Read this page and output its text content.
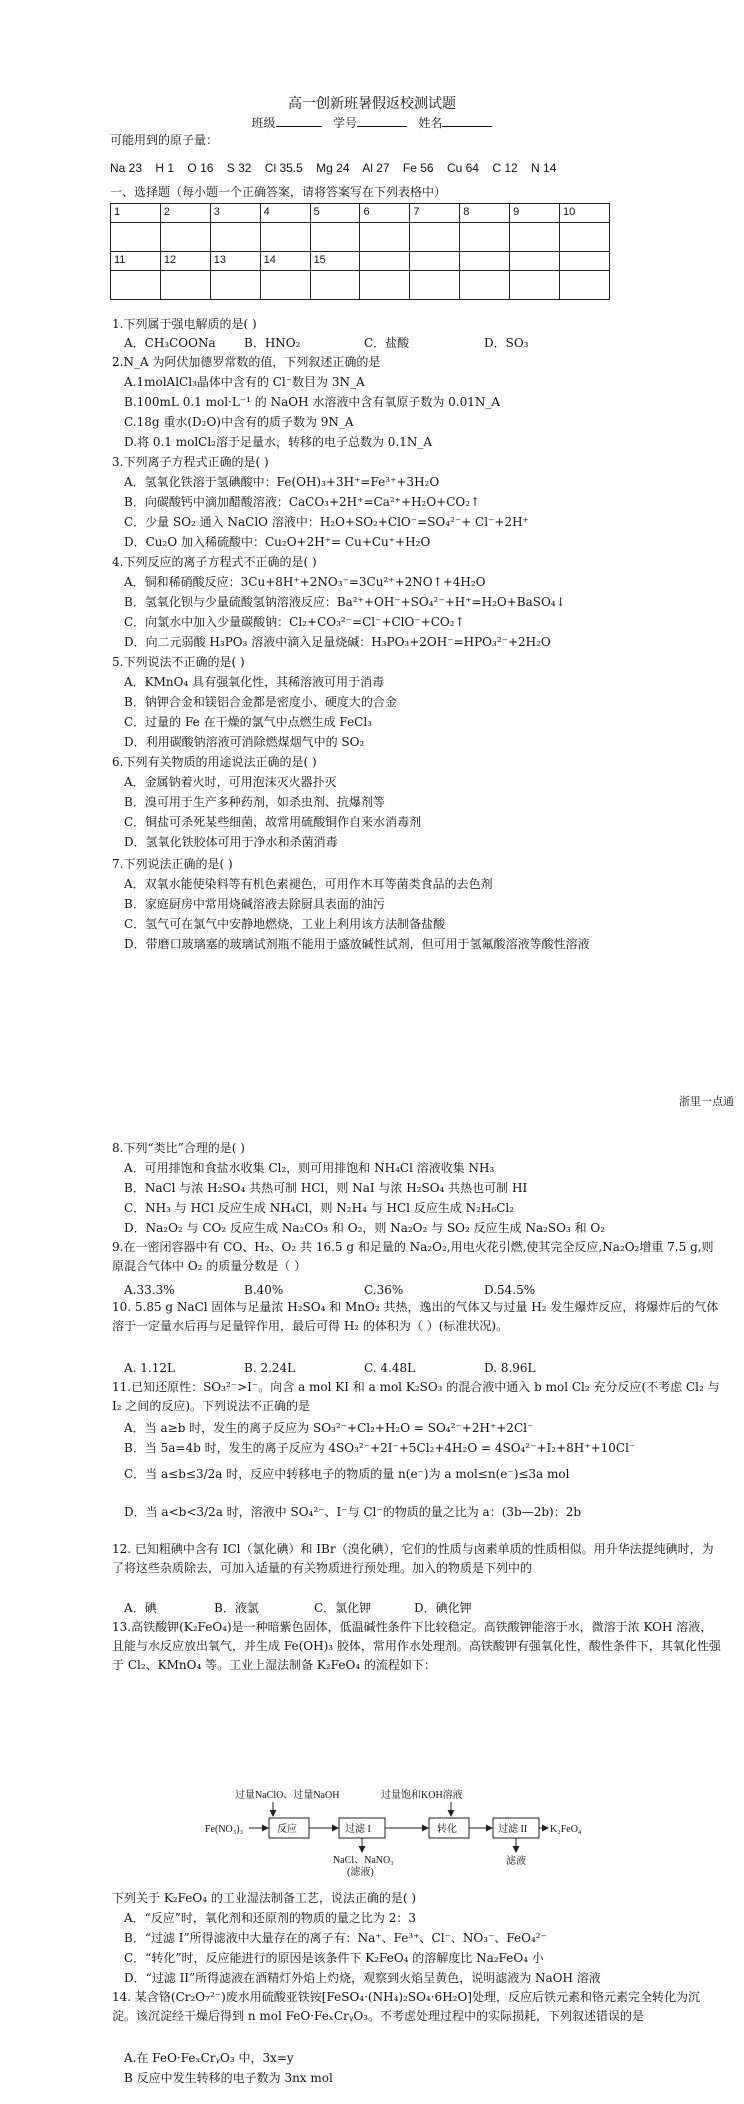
高一创新班暑假返校测试题
班级	学号	姓名
可能用到的原子量：
Na 23 H 1 O 16 S 32 Cl 35.5 Mg 24 Al 27 Fe 56 Cu 64 C 12 N 14
一、选择题（每小题一个正确答案，请将答案写在下列表格中）
1	2	3	4	5	6	7	8	9	10

11	12	13	14	15					

1.下列属于强电解质的是( )
A．CH₃COONa B．HNO₂	C．盐酸	D．SO₃
2.N_A 为阿伏加德罗常数的值，下列叙述正确的是
A.1molAlCl₃晶体中含有的 Cl⁻数目为 3N_A
B.100mL 0.1 mol·L⁻¹ 的 NaOH 水溶液中含有氧原子数为 0.01N_A
C.18g 重水(D₂O)中含有的质子数为 9N_A
D.将 0.1 molCl₂溶于足量水，转移的电子总数为 0.1N_A
3.下列离子方程式正确的是( )
A．氢氧化铁溶于氢碘酸中：Fe(OH)₃+3H⁺=Fe³⁺+3H₂O
B．向碳酸钙中滴加醋酸溶液：CaCO₃+2H⁺=Ca²⁺+H₂O+CO₂↑
C．少量 SO₂ 通入 NaClO 溶液中：H₂O+SO₂+ClO⁻=SO₄²⁻+ Cl⁻+2H⁺
D．Cu₂O 加入稀硫酸中：Cu₂O+2H⁺= Cu+Cu⁺+H₂O
4.下列反应的离子方程式不正确的是( )
A．铜和稀硝酸反应：3Cu+8H⁺+2NO₃⁻=3Cu²⁺+2NO↑+4H₂O
B．氢氧化钡与少量硫酸氢钠溶液反应：Ba²⁺+OH⁻+SO₄²⁻+H⁺=H₂O+BaSO₄↓
C．向氯水中加入少量碳酸钠：Cl₂+CO₃²⁻=Cl⁻+ClO⁻+CO₂↑
D．向二元弱酸 H₃PO₃ 溶液中滴入足量烧碱：H₃PO₃+2OH⁻=HPO₃²⁻+2H₂O
5.下列说法不正确的是( )
A．KMnO₄ 具有强氧化性，其稀溶液可用于消毒
B．钠钾合金和镁铝合金都是密度小、硬度大的合金
C．过量的 Fe 在干燥的氯气中点燃生成 FeCl₃
D．利用碳酸钠溶液可消除燃煤烟气中的 SO₂
6.下列有关物质的用途说法正确的是( )
A．金属钠着火时，可用泡沫灭火器扑灭
B．溴可用于生产多种药剂，如杀虫剂、抗爆剂等
C．铜盐可杀死某些细菌，故常用硫酸铜作自来水消毒剂
D．氢氧化铁胶体可用于净水和杀菌消毒
7.下列说法正确的是( )
A．双氧水能使染料等有机色素褪色，可用作木耳等菌类食品的去色剂
B．家庭厨房中常用烧碱溶液去除厨具表面的油污
C．氢气可在氯气中安静地燃烧，工业上利用该方法制备盐酸
D．带磨口玻璃塞的玻璃试剂瓶不能用于盛放碱性试剂，但可用于氢氟酸溶液等酸性溶液
浙里一点通
8.下列“类比”合理的是( )
A．可用排饱和食盐水收集 Cl₂，则可用排饱和 NH₄Cl 溶液收集 NH₃
B．NaCl 与浓 H₂SO₄ 共热可制 HCl，则 NaI 与浓 H₂SO₄ 共热也可制 HI
C．NH₃ 与 HCl 反应生成 NH₄Cl，则 N₂H₄ 与 HCl 反应生成 N₂H₆Cl₂
D．Na₂O₂ 与 CO₂ 反应生成 Na₂CO₃ 和 O₂，则 Na₂O₂ 与 SO₂ 反应生成 Na₂SO₃ 和 O₂
9.在一密闭容器中有 CO、H₂、O₂ 共 16.5 g 和足量的 Na₂O₂,用电火花引燃,使其完全反应,Na₂O₂增重 7.5 g,则原混合气体中 O₂ 的质量分数是（ ）
A.33.3%	B.40%	C.36%	D.54.5%
10. 5.85 g NaCl 固体与足量浓 H₂SO₄ 和 MnO₂ 共热，逸出的气体又与过量 H₂ 发生爆炸反应，将爆炸后的气体溶于一定量水后再与足量锌作用，最后可得 H₂ 的体积为（ ）(标准状况)。
A. 1.12L	B. 2.24L	C. 4.48L	D. 8.96L
11.已知还原性：SO₃²⁻>I⁻。向含 a mol KI 和 a mol K₂SO₃ 的混合液中通入 b mol Cl₂ 充分反应(不考虑 Cl₂ 与 I₂ 之间的反应)。下列说法不正确的是
A．当 a≥b 时，发生的离子反应为 SO₃²⁻+Cl₂+H₂O = SO₄²⁻+2H⁺+2Cl⁻
B．当 5a=4b 时，发生的离子反应为 4SO₃²⁻+2I⁻+5Cl₂+4H₂O = 4SO₄²⁻+I₂+8H⁺+10Cl⁻
C．当 a≤b≤3/2a 时，反应中转移电子的物质的量 n(e⁻)为 a mol≤n(e⁻)≤3a mol
D．当 a<b<3/2a 时，溶液中 SO₄²⁻、I⁻与 Cl⁻的物质的量之比为 a：(3b—2b)：2b
12. 已知粗碘中含有 ICl（氯化碘）和 IBr（溴化碘），它们的性质与卤素单质的性质相似。用升华法提纯碘时，为了将这些杂质除去，可加入适量的有关物质进行预处理。加入的物质是下列中的
A．碘	B．液氯	C．氯化钾	D．碘化钾
13.高铁酸钾(K₂FeO₄)是一种暗紫色固体，低温碱性条件下比较稳定。高铁酸钾能溶于水，微溶于浓 KOH 溶液，且能与水反应放出氧气，并生成 Fe(OH)₃ 胶体，常用作水处理剂。高铁酸钾有强氧化性，酸性条件下，其氧化性强于 Cl₂、KMnO₄ 等。工业上湿法制备 K₂FeO₄ 的流程如下：
过量NaClO、过量NaOH	过量饱和KOH溶液
Fe(NO₃)₃	反应	过滤 I	转化	过滤 II K₂FeO₄
NaCl、NaNO₃
(滤液)
滤液
下列关于 K₂FeO₄ 的工业湿法制备工艺，说法正确的是( )
A．“反应”时，氧化剂和还原剂的物质的量之比为 2：3
B．“过滤 I”所得滤液中大量存在的离子有：Na⁺、Fe³⁺、Cl⁻、NO₃⁻、FeO₄²⁻
C．“转化”时，反应能进行的原因是该条件下 K₂FeO₄ 的溶解度比 Na₂FeO₄ 小
D．“过滤 II”所得滤液在酒精灯外焰上灼烧，观察到火焰呈黄色，说明滤液为 NaOH 溶液
14. 某含铬(Cr₂O₇²⁻)废水用硫酸亚铁铵[FeSO₄·(NH₄)₂SO₄·6H₂O]处理，反应后铁元素和铬元素完全转化为沉淀。该沉淀经干燥后得到 n mol FeO·FeₓCrᵧO₃。不考虑处理过程中的实际损耗，下列叙述错误的是
A.在 FeO·FeₓCrᵧO₃ 中，3x=y
B 反应中发生转移的电子数为 3nx mol
